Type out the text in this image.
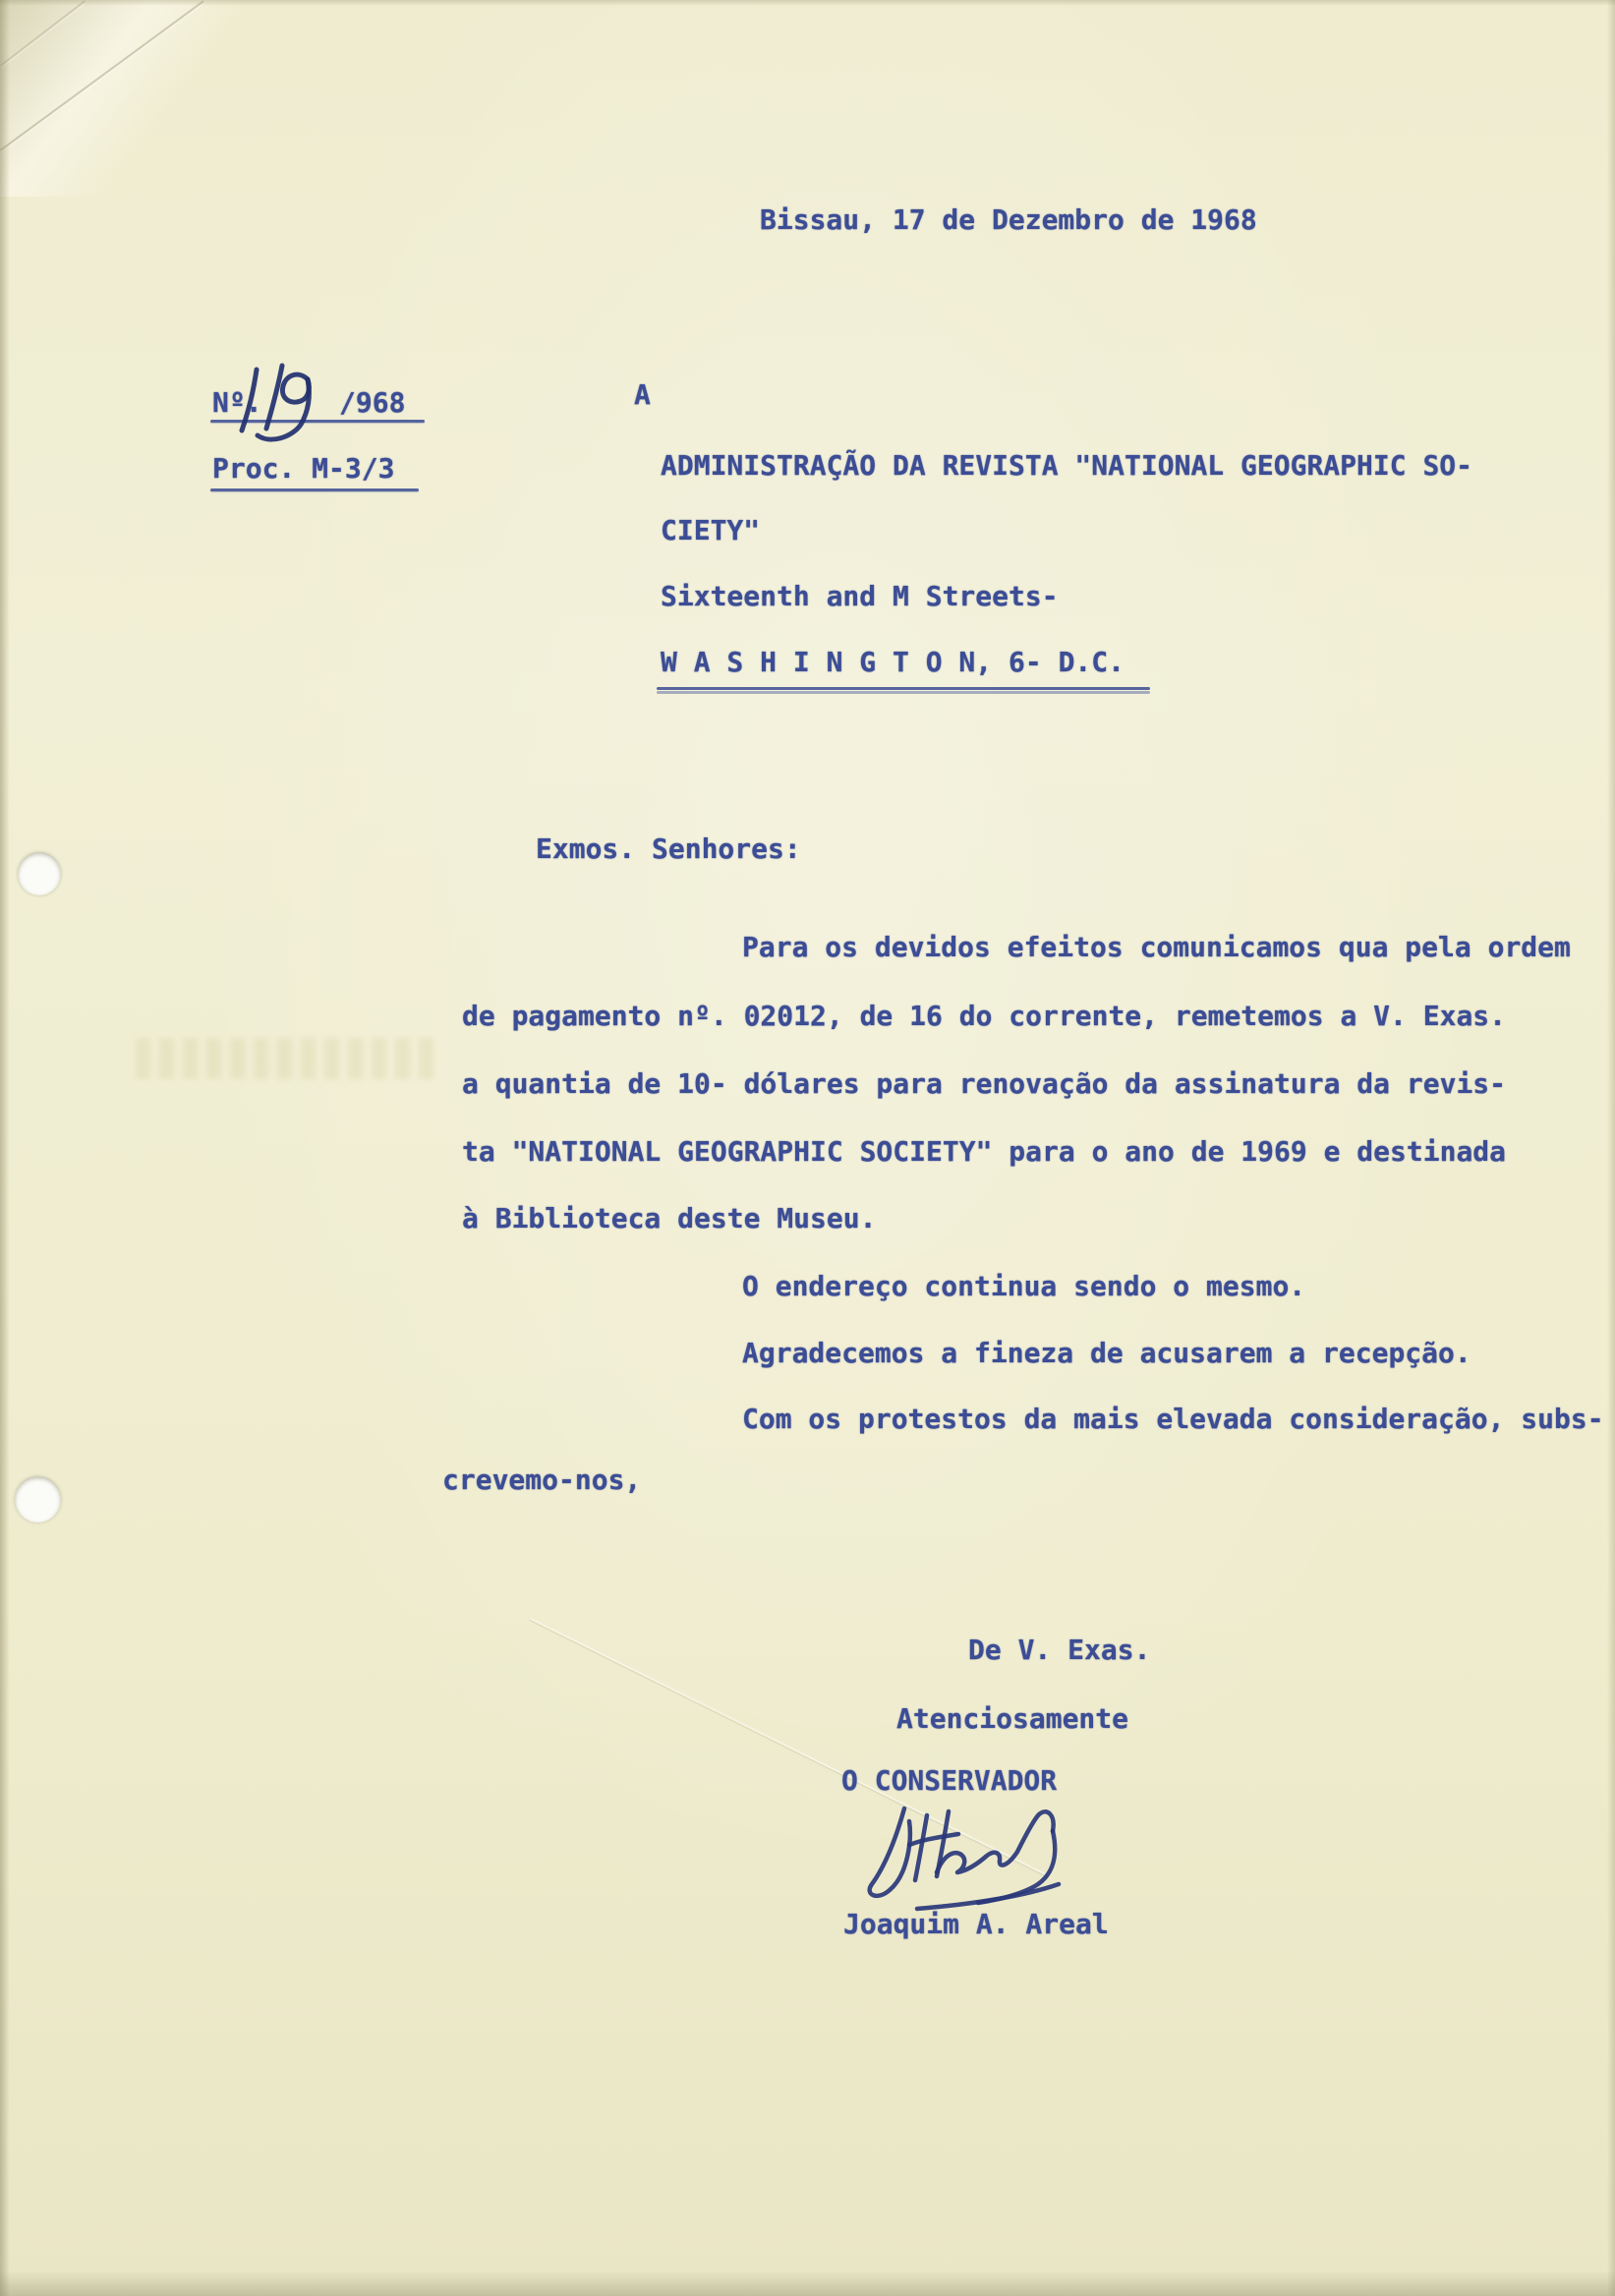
Bissau, 17 de Dezembro de 1968
Nº.	/968
Proc. M-3/3
A
ADMINISTRAÇÃO DA REVISTA "NATIONAL GEOGRAPHIC SO-
CIETY"
Sixteenth and M Streets-
W A S H I N G T O N, 6- D.C.
Exmos. Senhores:
Para os devidos efeitos comunicamos qua pela ordem
de pagamento nº. 02012, de 16 do corrente, remetemos a V. Exas.
a quantia de 10- dólares para renovação da assinatura da revis-
ta "NATIONAL GEOGRAPHIC SOCIETY" para o ano de 1969 e destinada
à Biblioteca deste Museu.
O endereço continua sendo o mesmo.
Agradecemos a fineza de acusarem a recepção.
Com os protestos da mais elevada consideração, subs-
crevemo-nos,
De V. Exas.
Atenciosamente
O CONSERVADOR
Joaquim A. Areal
